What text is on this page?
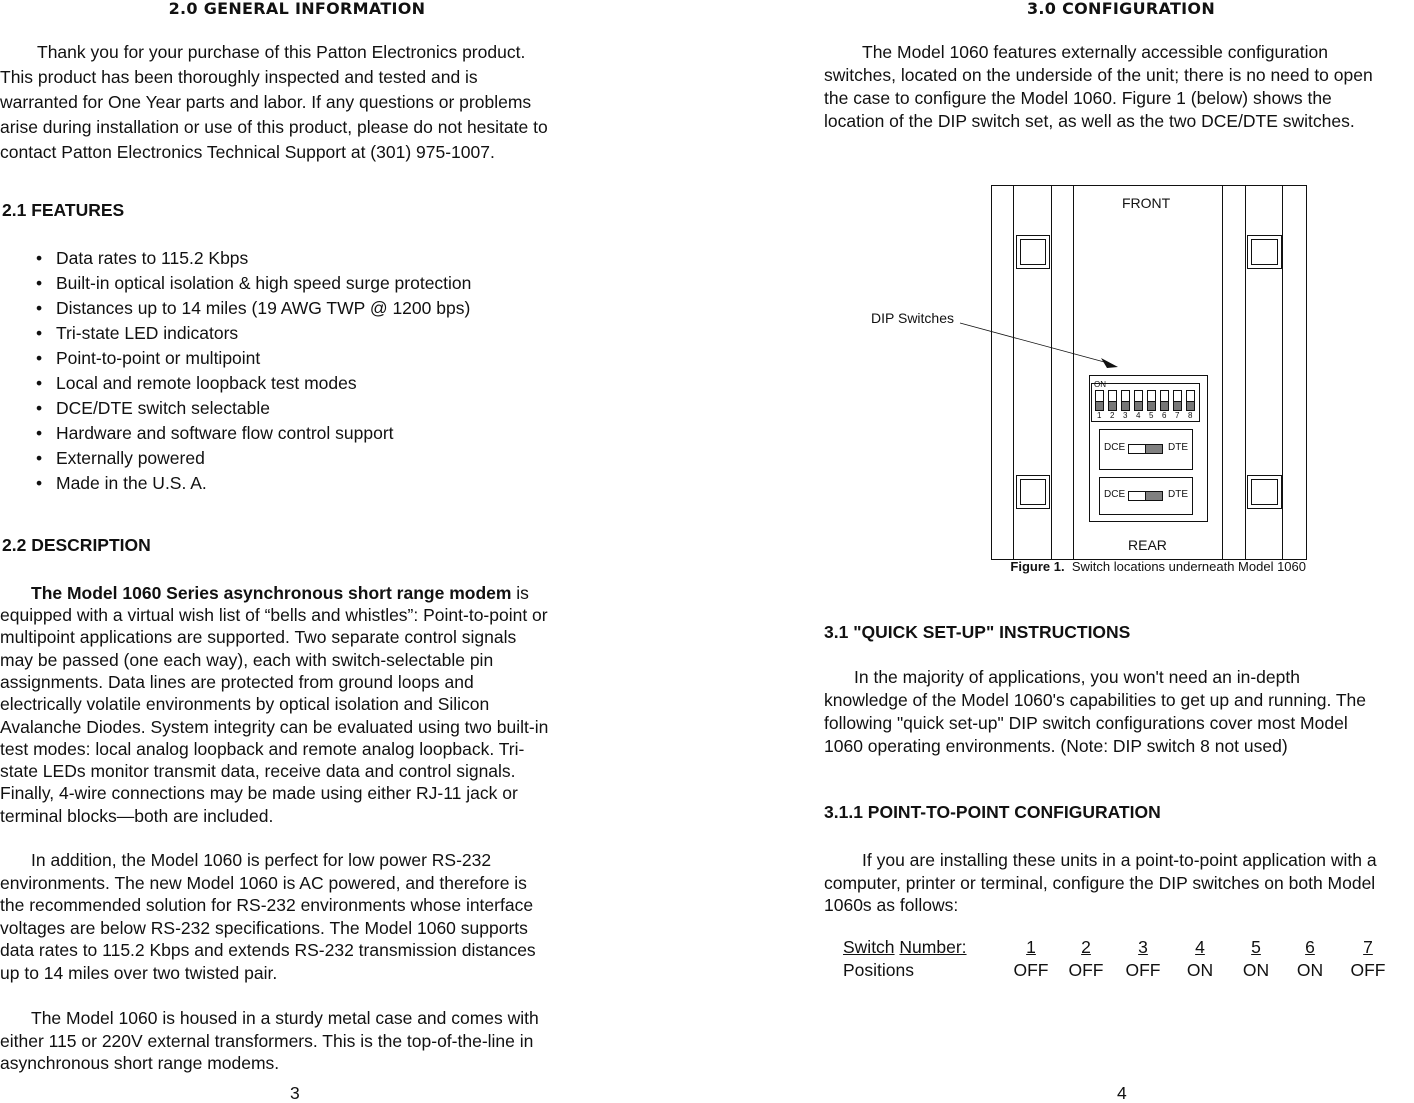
2.0 GENERAL INFORMATION
2.1 FEATURES
2.2 DESCRIPTION
The Model 1060 Series asynchronous short range modem is
3
3.0 CONFIGURATION
FRONT
REAR
DIP Switches
ON
1 2 3 4 5 6 7 8
DCE	DTE
DCE	DTE
Figure 1. Switch locations underneath Model 1060
3.1 "QUICK SET-UP" INSTRUCTIONS
3.1.1 POINT-TO-POINT CONFIGURATION
Switch Number:
Positions
1
OFF
2
OFF
3
OFF
4
ON
5
ON
6
ON
7
OFF
4
Thank you for your purchase of this Patton Electronics product.
This product has been thoroughly inspected and tested and is
warranted for One Year parts and labor. If any questions or problems
arise during installation or use of this product, please do not hesitate to
contact Patton Electronics Technical Support at (301) 975-1007.
equipped with a virtual wish list of “bells and whistles”: Point-to-point or
multipoint applications are supported. Two separate control signals
may be passed (one each way), each with switch-selectable pin
assignments. Data lines are protected from ground loops and
electrically volatile environments by optical isolation and Silicon
Avalanche Diodes. System integrity can be evaluated using two built-in
test modes: local analog loopback and remote analog loopback. Tri-
state LEDs monitor transmit data, receive data and control signals.
Finally, 4-wire connections may be made using either RJ-11 jack or
terminal blocks—both are included.
In addition, the Model 1060 is perfect for low power RS-232
environments. The new Model 1060 is AC powered, and therefore is
the recommended solution for RS-232 environments whose interface
voltages are below RS-232 specifications. The Model 1060 supports
data rates to 115.2 Kbps and extends RS-232 transmission distances
up to 14 miles over two twisted pair.
The Model 1060 is housed in a sturdy metal case and comes with
either 115 or 220V external transformers. This is the top-of-the-line in
asynchronous short range modems.
The Model 1060 features externally accessible configuration
switches, located on the underside of the unit; there is no need to open
the case to configure the Model 1060. Figure 1 (below) shows the
location of the DIP switch set, as well as the two DCE/DTE switches.
In the majority of applications, you won't need an in-depth
knowledge of the Model 1060's capabilities to get up and running. The
following "quick set-up" DIP switch configurations cover most Model
1060 operating environments. (Note: DIP switch 8 not used)
If you are installing these units in a point-to-point application with a
computer, printer or terminal, configure the DIP switches on both Model
1060s as follows:
• Data rates to 115.2 Kbps
• Built-in optical isolation & high speed surge protection
• Distances up to 14 miles (19 AWG TWP @ 1200 bps)
• Tri-state LED indicators
• Point-to-point or multipoint
• Local and remote loopback test modes
• DCE/DTE switch selectable
• Hardware and software flow control support
• Externally powered
• Made in the U.S. A.
